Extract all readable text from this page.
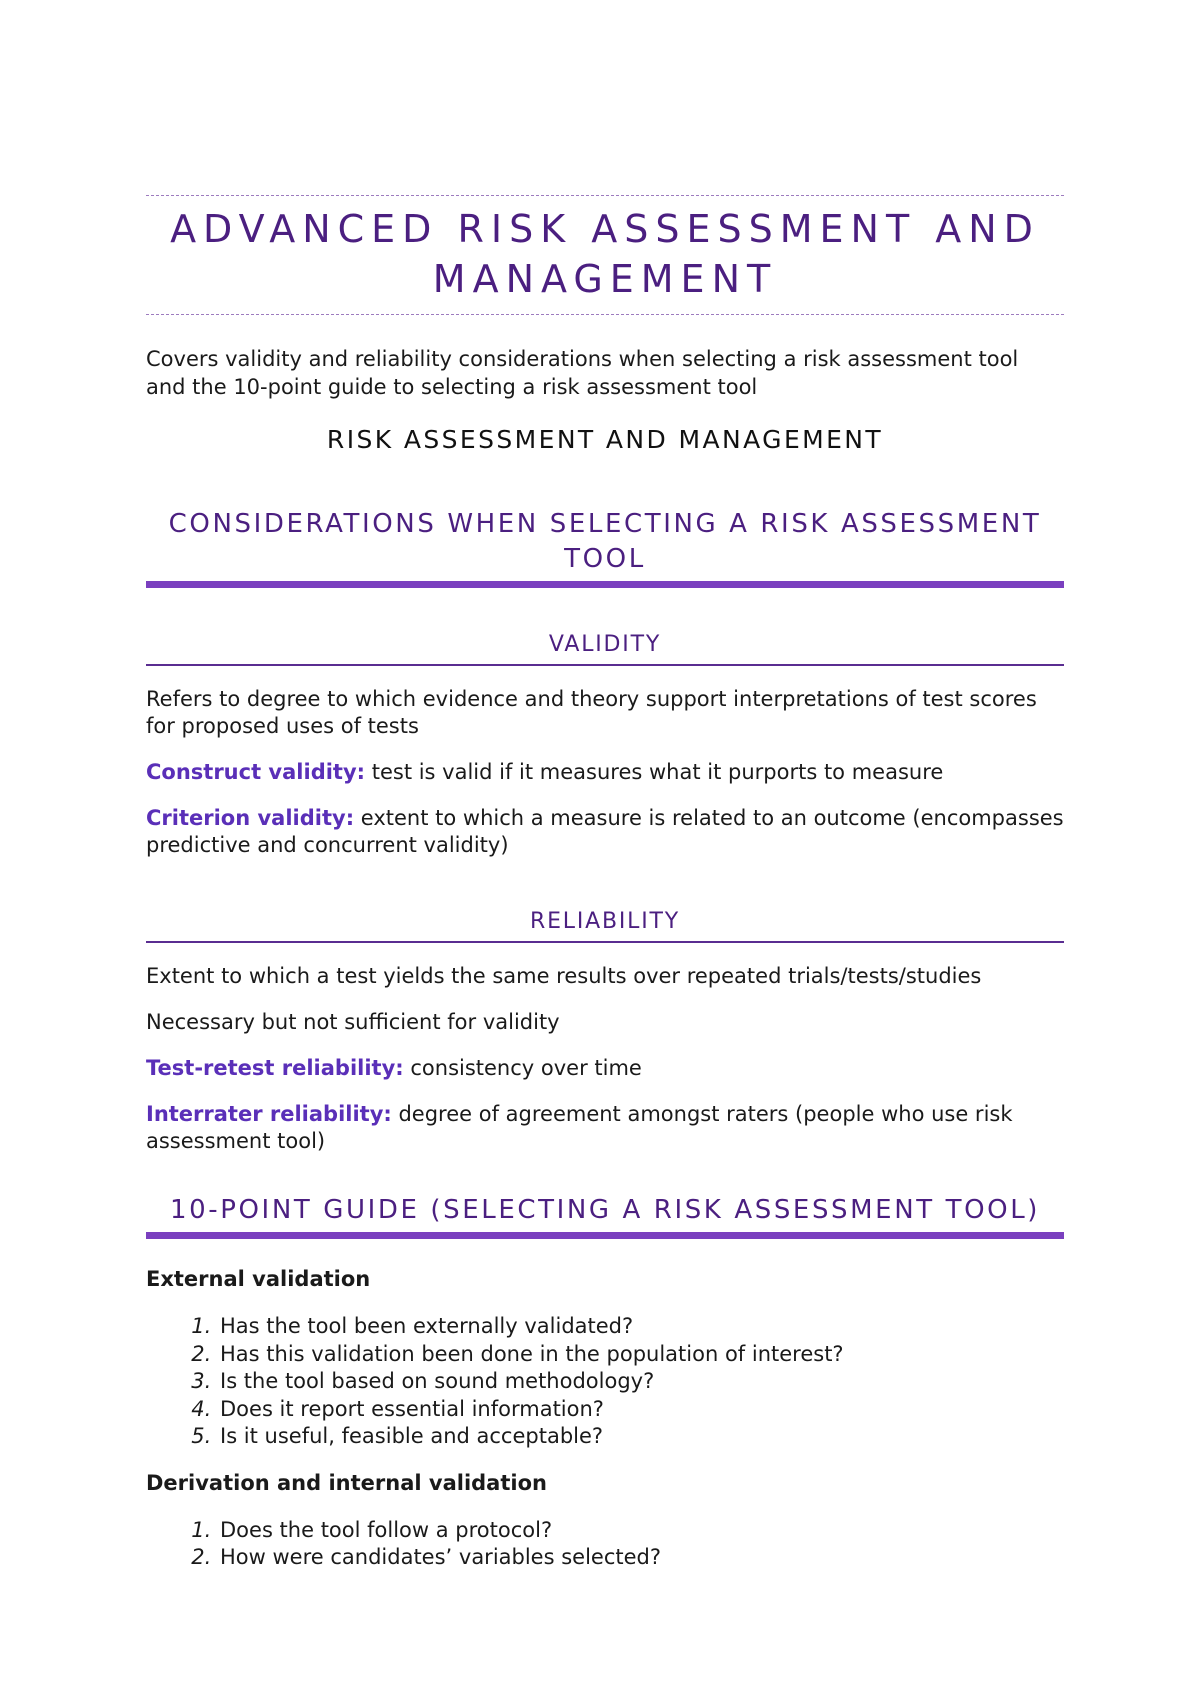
ADVANCED RISK ASSESSMENT AND MANAGEMENT

Covers validity and reliability considerations when selecting a risk assessment tool and the 10-point guide to selecting a risk assessment tool

RISK ASSESSMENT AND MANAGEMENT
CONSIDERATIONS WHEN SELECTING A RISK ASSESSMENT TOOL
VALIDITY

Refers to degree to which evidence and theory support interpretations of test scores for proposed uses of tests

Construct validity: test is valid if it measures what it purports to measure

Criterion validity: extent to which a measure is related to an outcome (encompasses predictive and concurrent validity)

RELIABILITY

Extent to which a test yields the same results over repeated trials/tests/studies

Necessary but not sufficient for validity

Test-retest reliability: consistency over time

Interrater reliability: degree of agreement amongst raters (people who use risk assessment tool)

10-POINT GUIDE (SELECTING A RISK ASSESSMENT TOOL)
External validation
1. Has the tool been externally validated?
2. Has this validation been done in the population of interest?
3. Is the tool based on sound methodology?
4. Does it report essential information?
5. Is it useful, feasible and acceptable?
Derivation and internal validation
1. Does the tool follow a protocol?
2. How were candidates’ variables selected?
